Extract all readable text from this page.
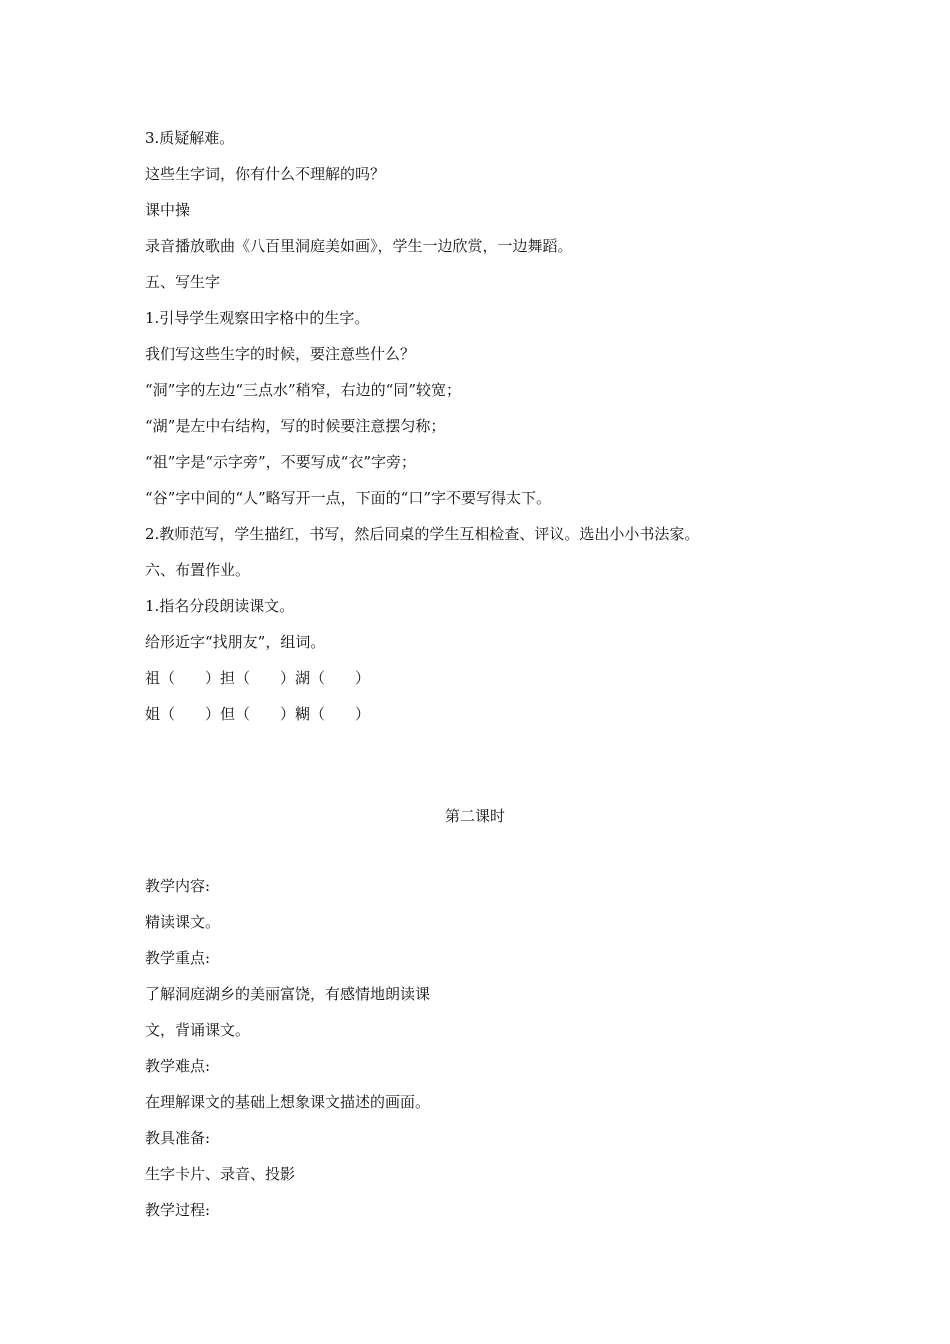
3.质疑解难。
这些生字词，你有什么不理解的吗？
课中操
录音播放歌曲《八百里洞庭美如画》，学生一边欣赏，一边舞蹈。
五、写生字
1.引导学生观察田字格中的生字。
我们写这些生字的时候，要注意些什么？
“洞”字的左边“三点水”稍窄，右边的“同”较宽；
“湖”是左中右结构，写的时候要注意摆匀称；
“祖”字是“示字旁”，不要写成“衣”字旁；
“谷”字中间的“人”略写开一点，下面的“口”字不要写得太下。
2.教师范写，学生描红，书写，然后同桌的学生互相检查、评议。选出小小书法家。
六、布置作业。
1.指名分段朗读课文。
给形近字“找朋友”，组词。
祖（　　）担（　　）湖（　　）
姐（　　）但（　　）糊（　　）
第二课时
教学内容:
精读课文。
教学重点:
了解洞庭湖乡的美丽富饶，有感情地朗读课
文，背诵课文。
教学难点:
在理解课文的基础上想象课文描述的画面。
教具准备:
生字卡片、录音、投影
教学过程:
